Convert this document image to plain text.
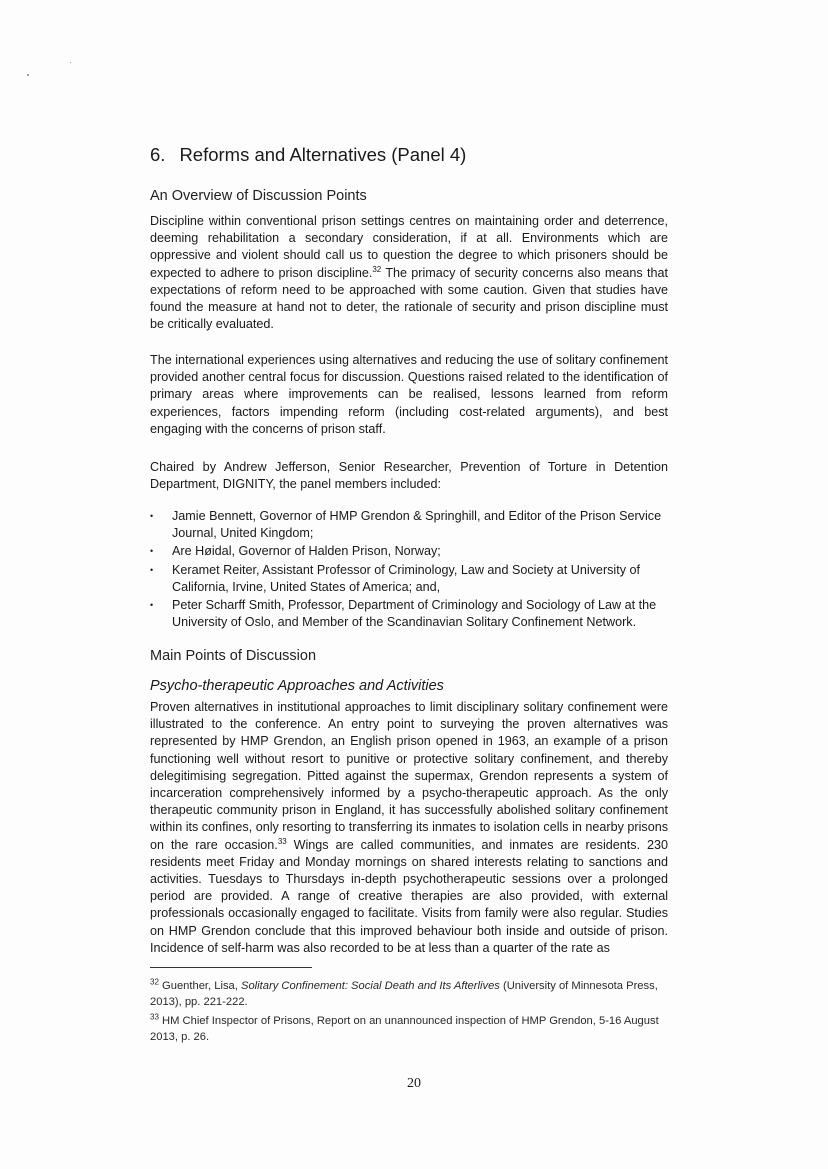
6. Reforms and Alternatives (Panel 4)
An Overview of Discussion Points

Discipline within conventional prison settings centres on maintaining order and deterrence, deeming rehabilitation a secondary consideration, if at all. Environments which are oppressive and violent should call us to question the degree to which prisoners should be expected to adhere to prison discipline.$^{32}$ The primacy of security concerns also means that expectations of reform need to be approached with some caution. Given that studies have found the measure at hand not to deter, the rationale of security and prison discipline must be critically evaluated.

The international experiences using alternatives and reducing the use of solitary confinement provided another central focus for discussion. Questions raised related to the identification of primary areas where improvements can be realised, lessons learned from reform experiences, factors impending reform (including cost-related arguments), and best engaging with the concerns of prison staff.

Chaired by Andrew Jefferson, Senior Researcher, Prevention of Torture in Detention Department, DIGNITY, the panel members included:

• Jamie Bennett, Governor of HMP Grendon & Springhill, and Editor of the Prison Service Journal, United Kingdom;
• Are Høidal, Governor of Halden Prison, Norway;
• Keramet Reiter, Assistant Professor of Criminology, Law and Society at University of California, Irvine, United States of America; and,
• Peter Scharff Smith, Professor, Department of Criminology and Sociology of Law at the University of Oslo, and Member of the Scandinavian Solitary Confinement Network.
Main Points of Discussion
Psycho-therapeutic Approaches and Activities

Proven alternatives in institutional approaches to limit disciplinary solitary confinement were illustrated to the conference. An entry point to surveying the proven alternatives was represented by HMP Grendon, an English prison opened in 1963, an example of a prison functioning well without resort to punitive or protective solitary confinement, and thereby delegitimising segregation. Pitted against the supermax, Grendon represents a system of incarceration comprehensively informed by a psycho-therapeutic approach. As the only therapeutic community prison in England, it has successfully abolished solitary confinement within its confines, only resorting to transferring its inmates to isolation cells in nearby prisons on the rare occasion.$^{33}$ Wings are called communities, and inmates are residents. 230 residents meet Friday and Monday mornings on shared interests relating to sanctions and activities. Tuesdays to Thursdays in-depth psychotherapeutic sessions over a prolonged period are provided. A range of creative therapies are also provided, with external professionals occasionally engaged to facilitate. Visits from family were also regular. Studies on HMP Grendon conclude that this improved behaviour both inside and outside of prison. Incidence of self-harm was also recorded to be at less than a quarter of the rate as

$^{32}$ Guenther, Lisa, Solitary Confinement: Social Death and Its Afterlives (University of Minnesota Press, 2013), pp. 221-222.

$^{33}$ HM Chief Inspector of Prisons, Report on an unannounced inspection of HMP Grendon, 5-16 August 2013, p. 26.

20
